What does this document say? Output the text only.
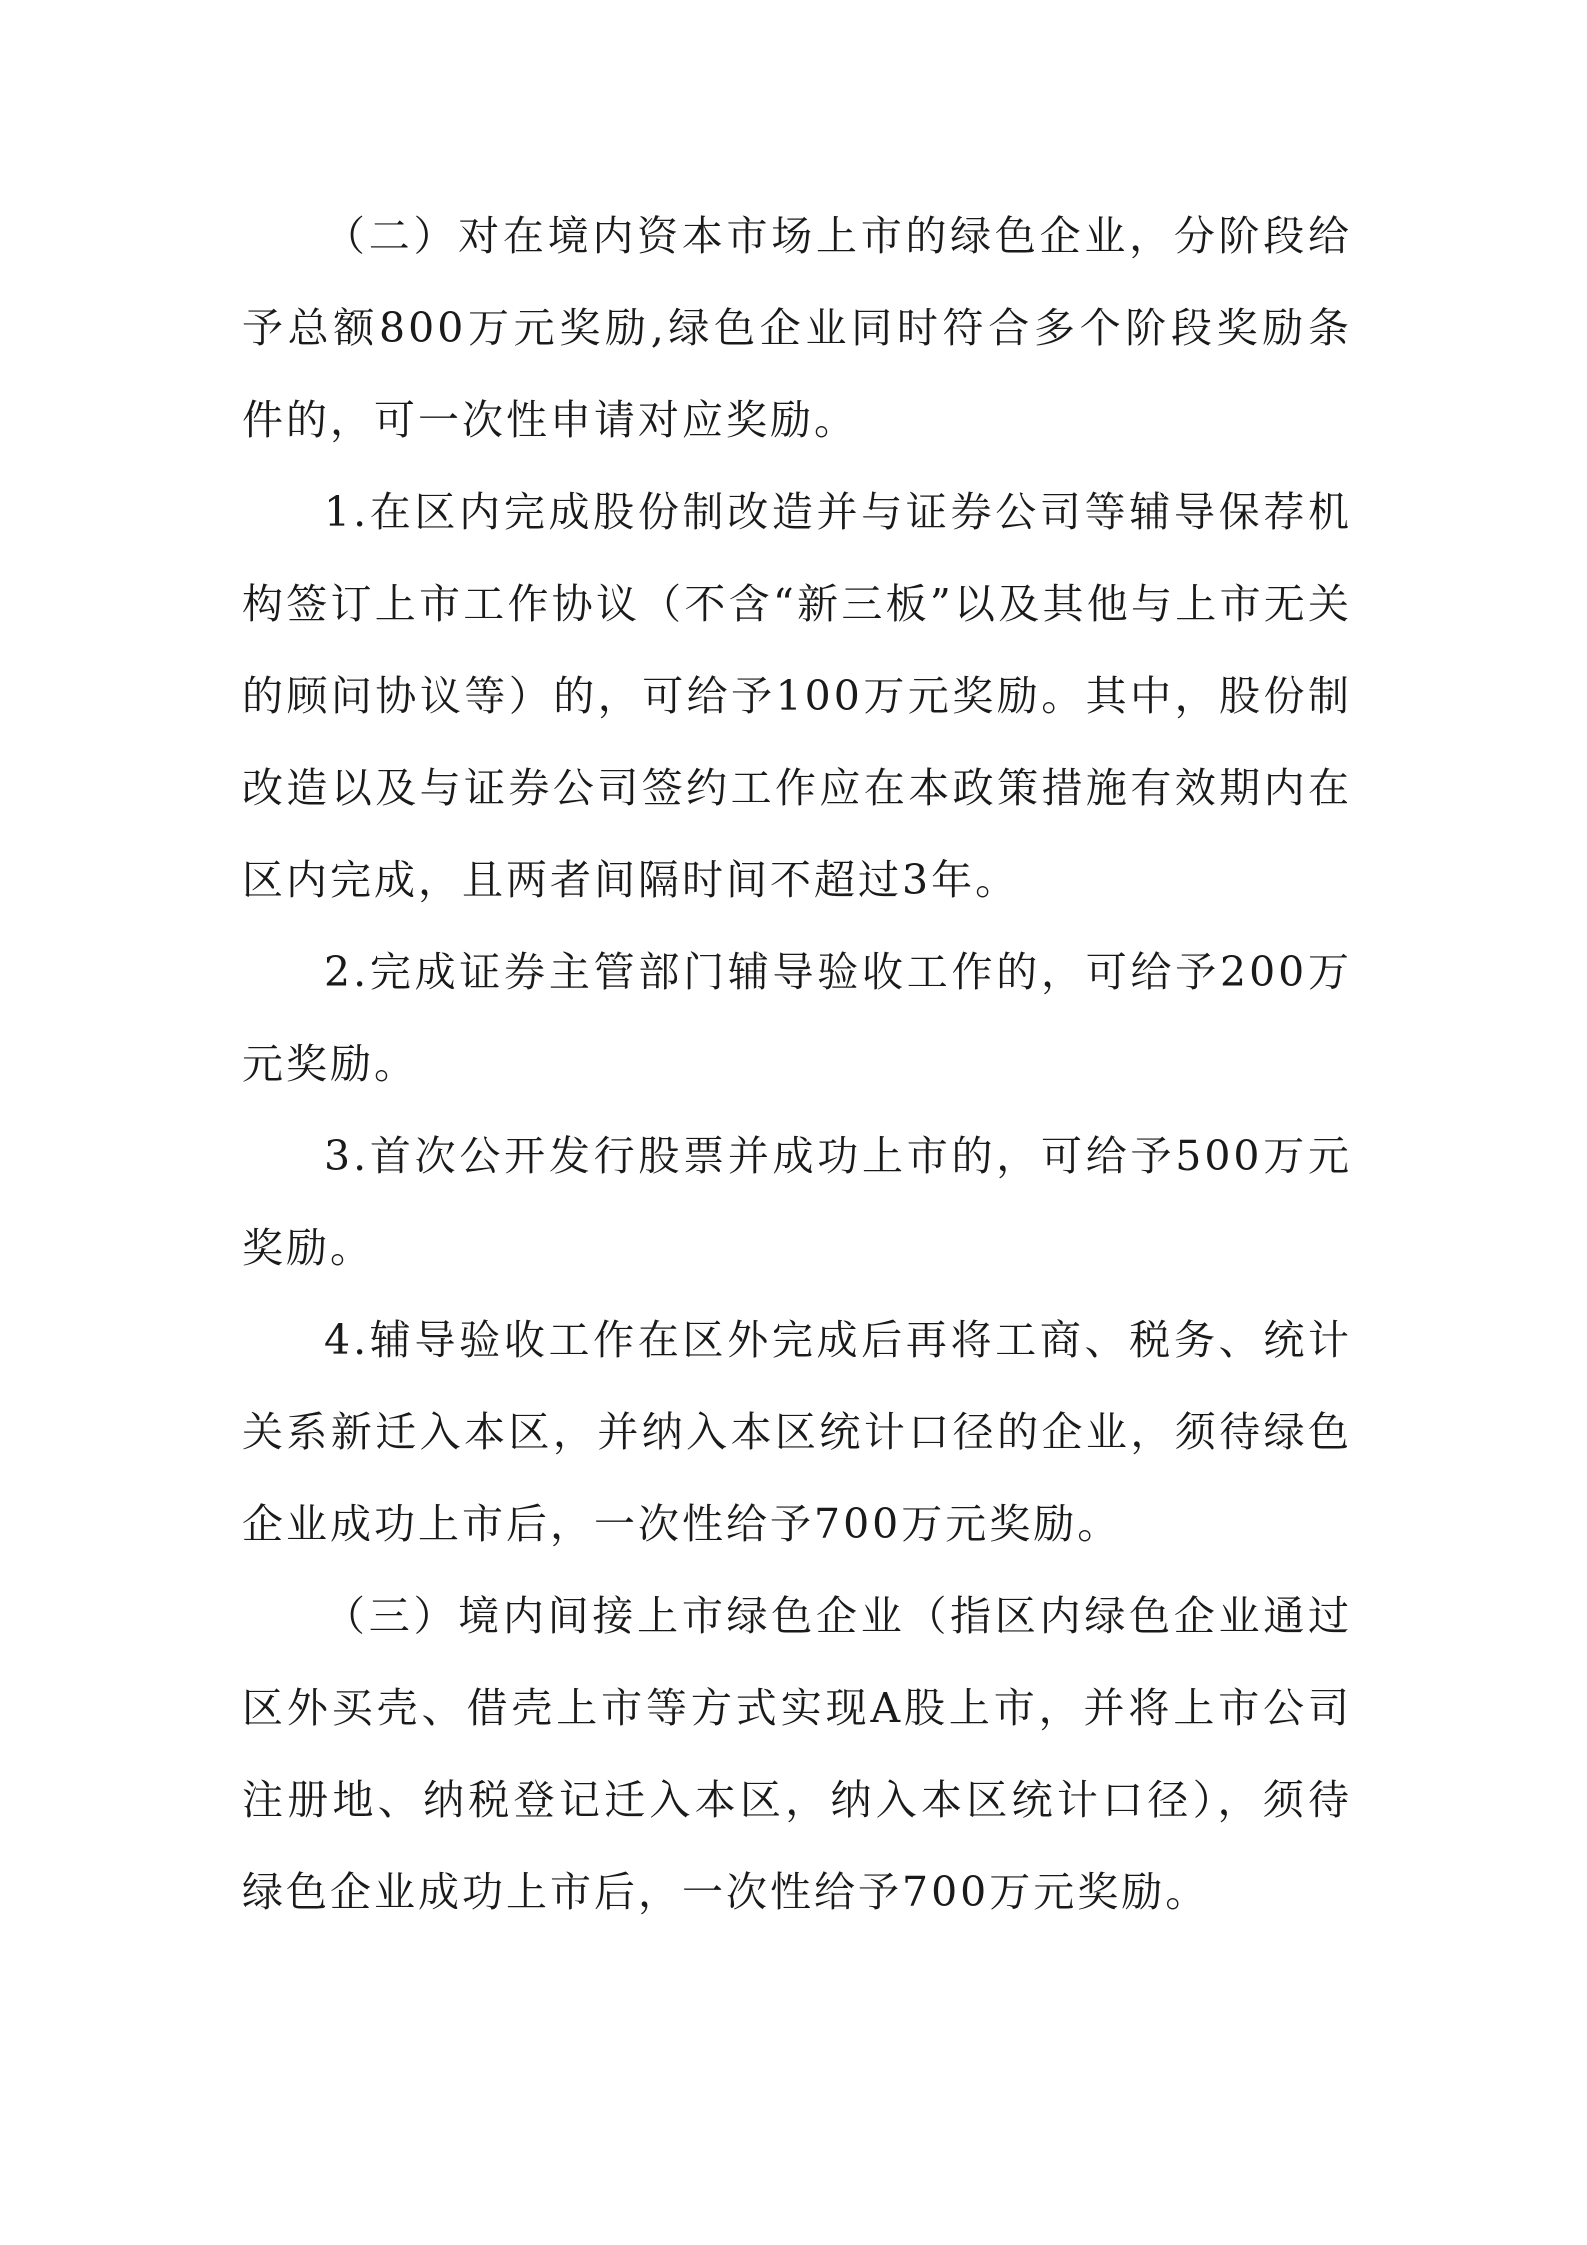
（二）对在境内资本市场上市的绿色企业，分阶段给予总额800万元奖励,绿色企业同时符合多个阶段奖励条件的，可一次性申请对应奖励。

1.在区内完成股份制改造并与证券公司等辅导保荐机构签订上市工作协议（不含“新三板”以及其他与上市无关的顾问协议等）的，可给予100万元奖励。其中，股份制改造以及与证券公司签约工作应在本政策措施有效期内在区内完成，且两者间隔时间不超过3年。

2.完成证券主管部门辅导验收工作的，可给予200万元奖励。

3.首次公开发行股票并成功上市的，可给予500万元奖励。

4.辅导验收工作在区外完成后再将工商、税务、统计关系新迁入本区，并纳入本区统计口径的企业，须待绿色企业成功上市后，一次性给予700万元奖励。

（三）境内间接上市绿色企业（指区内绿色企业通过区外买壳、借壳上市等方式实现A股上市，并将上市公司注册地、纳税登记迁入本区，纳入本区统计口径），须待绿色企业成功上市后，一次性给予700万元奖励。
